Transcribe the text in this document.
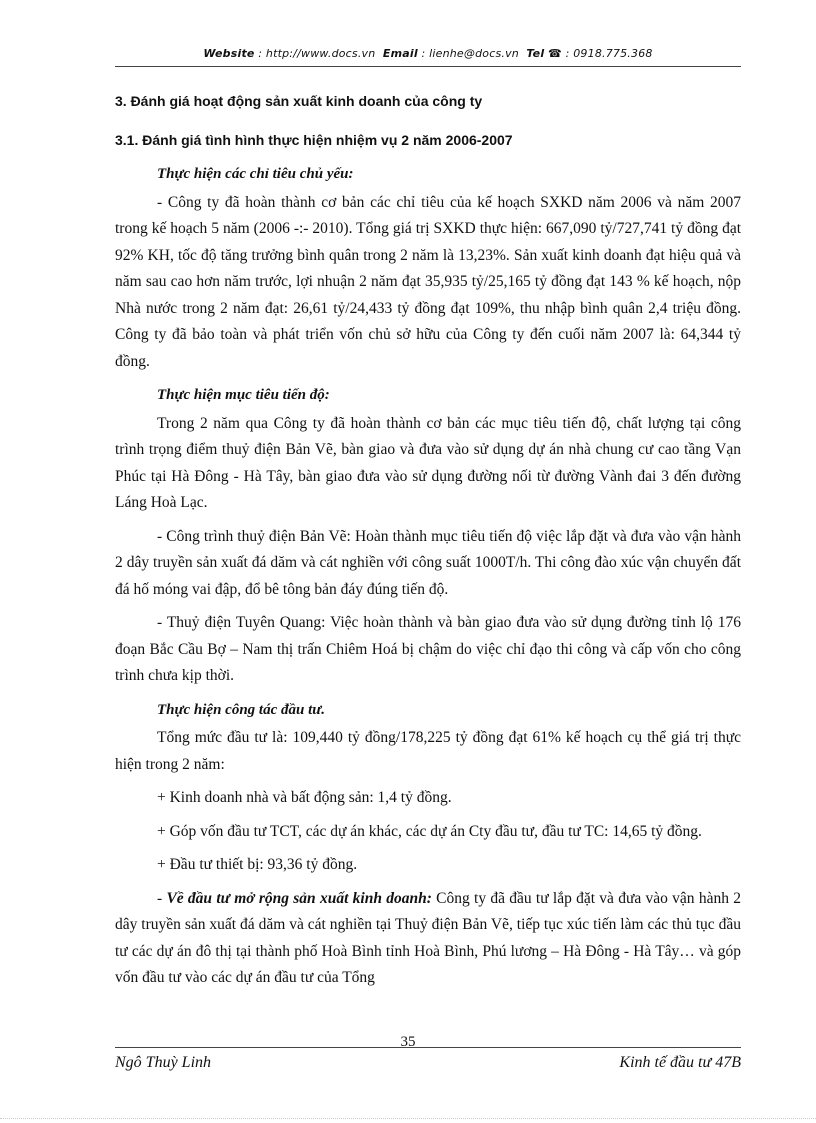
Website : http://www.docs.vn Email : lienhe@docs.vn Tel ☎ : 0918.775.368
3. Đánh giá hoạt động sản xuất kinh doanh của công ty
3.1. Đánh giá tình hình thực hiện nhiệm vụ 2 năm 2006-2007
Thực hiện các chỉ tiêu chủ yếu:

- Công ty đã hoàn thành cơ bản các chỉ tiêu của kế hoạch SXKD năm 2006 và năm 2007 trong kế hoạch 5 năm (2006 -:- 2010). Tổng giá trị SXKD thực hiện: 667,090 tỷ/727,741 tỷ đồng đạt 92% KH, tốc độ tăng trưởng bình quân trong 2 năm là 13,23%. Sản xuất kinh doanh đạt hiệu quả và năm sau cao hơn năm trước, lợi nhuận 2 năm đạt 35,935 tỷ/25,165 tỷ đồng đạt 143 % kế hoạch, nộp Nhà nước trong 2 năm đạt: 26,61 tỷ/24,433 tỷ đồng đạt 109%, thu nhập bình quân 2,4 triệu đồng. Công ty đã bảo toàn và phát triển vốn chủ sở hữu của Công ty đến cuối năm 2007 là: 64,344 tỷ đồng.

Thực hiện mục tiêu tiến độ:

Trong 2 năm qua Công ty đã hoàn thành cơ bản các mục tiêu tiến độ, chất lượng tại công trình trọng điểm thuỷ điện Bản Vẽ, bàn giao và đưa vào sử dụng dự án nhà chung cư cao tầng Vạn Phúc tại Hà Đông - Hà Tây, bàn giao đưa vào sử dụng đường nối từ đường Vành đai 3 đến đường Láng Hoà Lạc.

- Công trình thuỷ điện Bản Vẽ: Hoàn thành mục tiêu tiến độ việc lắp đặt và đưa vào vận hành 2 dây truyền sản xuất đá dăm và cát nghiền với công suất 1000T/h. Thi công đào xúc vận chuyển đất đá hố móng vai đập, đổ bê tông bản đáy đúng tiến độ.

- Thuỷ điện Tuyên Quang: Việc hoàn thành và bàn giao đưa vào sử dụng đường tỉnh lộ 176 đoạn Bắc Cầu Bợ – Nam thị trấn Chiêm Hoá bị chậm do việc chỉ đạo thi công và cấp vốn cho công trình chưa kịp thời.

Thực hiện công tác đầu tư.

Tổng mức đầu tư là: 109,440 tỷ đồng/178,225 tỷ đồng đạt 61% kế hoạch cụ thể giá trị thực hiện trong 2 năm:

+ Kinh doanh nhà và bất động sản: 1,4 tỷ đồng.

+ Góp vốn đầu tư TCT, các dự án khác, các dự án Cty đầu tư, đầu tư TC: 14,65 tỷ đồng.

+ Đầu tư thiết bị: 93,36 tỷ đồng.

- Về đầu tư mở rộng sản xuất kinh doanh: Công ty đã đầu tư lắp đặt và đưa vào vận hành 2 dây truyền sản xuất đá dăm và cát nghiền tại Thuỷ điện Bản Vẽ, tiếp tục xúc tiến làm các thủ tục đầu tư các dự án đô thị tại thành phố Hoà Bình tỉnh Hoà Bình, Phú lương – Hà Đông - Hà Tây… và góp vốn đầu tư vào các dự án đầu tư của Tổng

35
Ngô Thuỳ Linh	Kinh tế đầu tư 47B
